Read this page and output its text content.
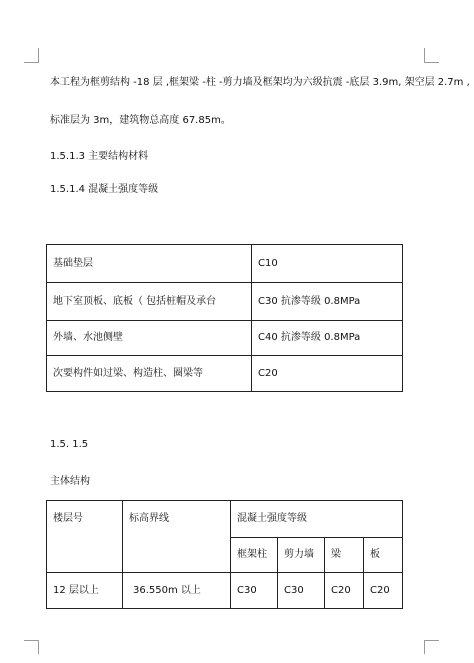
本工程为框剪结构 -18 层 ,框架梁 -柱 -剪力墙及框架均为六级抗震 -底层 3.9m, 架空层 2.7m ,
标准层为 3m，建筑物总高度 67.85m。
1.5.1.3 主要结构材料
1.5.1.4 混凝土强度等级
基础垫层	C10
地下室顶板、底板（ 包括桩帽及承台	C30 抗渗等级 0.8MPa
外墙、水池侧壁	C40 抗渗等级 0.8MPa
次要构件如过梁、构造柱、圈梁等	C20
1.5. 1.5
主体结构
楼层号	标高界线	混凝土强度等级			
		框架柱	剪力墙	梁	板
12 层以上	36.550m 以上	C30	C30	C20	C20
